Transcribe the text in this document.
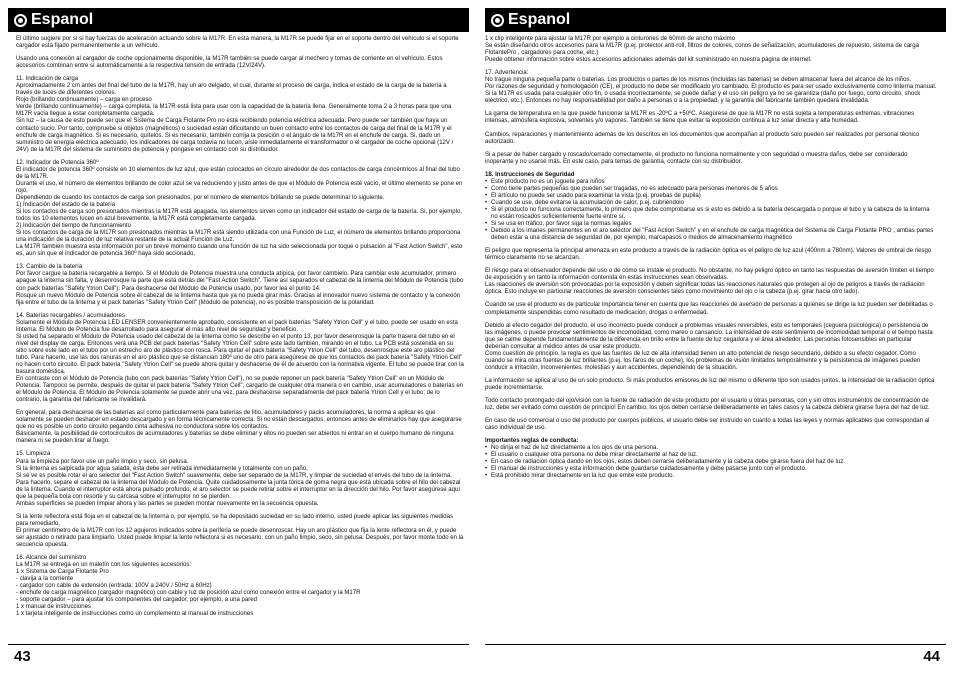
Espanol

El último sugiere por sí si hay fuerzas de aceleración actuando sobre la M17R. En esta manera, la M17R se puede fijar en el soporte dentro del vehículo si el soporte cargador está fijado permanentemente a un vehículo.

Usando una conexión al cargador de coche opcionalmente disponible, la M17R también se puede cargar al mechero y tomas de corriente en el vehículo. Estos accesorios combinan entre sí automáticamente a la respectiva tensión de entrada (12V/24V).

11. Indicación de carga
Aproximadamente 2 cm antes del final del tubo de la M17R, hay un aro delgado, el cual, durante el proceso de carga, indica el estado de la carga de la batería a través de luces de diferentes colores.
Rojo (brillando continuamente) – carga en proceso
Verde (brillando continuamente) – carga completa, la M17R está lista para usar con la capacidad de la batería llena. Generalmente toma 2 a 3 horas para que una M17R vacía llegue a estar completamente cargada.
Sin luz – la causa de esto puede ser que el Sistema de Carga Flotante Pro no está recibiendo potencia eléctrica adecuada. Pero puede ser también que haya un contacto sucio. Por tanto, compruebe si objetos (magnéticos) o suciedad están dificultando un buen contacto entre los contactos de carga del final de la M17R y el enchufe de carga magnético. Si es necesario, quítelos. Si es necesario, también corrija la posición o el ángulo de la M17R en el enchufe de carga. Si, dado un suministro de energía eléctrica adecuado, los indicadores de carga todavía no lucen, aísle inmediatamente el transformador o el cargador de coche opcional (12V / 24V) de la M17R del sistema de suministro de potencia y póngase en contacto con su distribuidor.

12. Indicador de Potencia 360º
El indicador de potencia 360º consiste en 10 elementos de luz azul, que están colocados en círculo alrededor de dos contactos de carga concéntricos al final del tubo de la M17R.
Durante el uso, el número de elementos brillando de color azul se va reduciendo y justo antes de que el Módulo de Potencia esté vacío, el último elemento se pone en rojo.
Dependiendo de cuando los contactos de carga son presionados, por el número de elementos brillando se puede determinar lo siguiente.
1) Indicación del estado de la batería
Si los contactos de carga son presionados mientras la M17R está apagada, los elementos sirven como un indicador del estado de carga de la batería. Si, por ejemplo, todos los 10 elementos lucen en azul brevemente, la M17R está completamente cargada.
2) Indicación del tiempo de funcionamiento
Si los contactos de carga de la M17R son presionados mientras la M17R está siendo utilizada con una Función de Luz, el número de elementos brillando proporciona una indicación de la duración de luz relativa restante de la actual Función de Luz.
La M17R también muestra esta información por un breve momento cuando una función de luz ha sido seleccionada por toque o pulsación al "Fast Action Switch", esto es, aun sin que el indicador de potencia 360º haya sido accionado.

13. Cambio de la batería
Por favor cargue la batería recargable a tiempo. Si el Módulo de Potencia muestra una conducta atípica, por favor cámbielo. Para cambiar este acumulador, primero apague la linterna sin falta, y desenrosque la parte que está detrás del "Fast Action Switch". Tiene así separados el cabezal de la linterna del Módulo de Potencia (tubo con pack baterías "Safety Ytrion Cell"). Para deshacerse del Módulo de Potencia usado, por favor lea el punto 14.
Rosque un nuevo Módulo de Potencia sobre el cabezal de la linterna hasta que ya no pueda girar más. Gracias al innovador nuevo sistema de contacto y la conexión fija entre el tubo de la linterna y el pack baterías "Safety Ytrion Cell" (Módulo de potencia), no es posible transposición de la polaridad.

14. Baterías recargables / acumuladores
Solamente el Módulo de Potencia LED LENSER convenientemente aprobado, consistente en el pack baterías "Safety Ytrion Cell" y el tubo, puede ser usado en esta linterna. El Módulo de Potencia fue desarrollado para asegurar el más alto nivel de seguridad y beneficio.
Si usted ha separado el Módulo de Potencia usado del cabezal de la linterna como se describe en el punto 13, por favor desenrosque la parte trasera del tubo en el nivel del display de carga. Entonces verá una PCB del pack baterías "Safety Ytrion Cell" sobre este lado también, mirando en el tubo. La PCB está sostenida en su sitio sobre este lado en el tubo por un estrecho aro de plástico con rosca. Para quitar el pack batería "Safety Ytrion Cell" del tubo, desenrosque este aro plástico del tubo. Para hacerlo, use las dos ranuras en el aro plástico que se distancian 180º uno de otro para asegúrese de que los contactos del pack batería "Safety Ytrion Cell" no hacen corto circuito. El pack batería "Safety Ytrion Cell" se puede ahora quitar y deshacerse de él de acuerdo con la normativa vigente. El tubo se puede tirar con la basura doméstica.
En contraste con el Módulo de Potencia (tubo con pack baterías "Safety Ytrion Cell"), no se puede reponer un pack batería "Safety Ytrion Cell" en un Módulo de Potencia. Tampoco se permite, después de quitar el pack batería "Safety Ytrion Cell", cargarlo de cualquier otra manera o en cambio, usar acumuladores o baterías en el Módulo de Potencia. El Módulo de Potencia solamente se puede abrir una vez, para deshacerse separadamente del pack batería Ytrion Cell y el tubo; de lo contrario, la garantía del fabricante se invalidará.

En general, para deshacerse de las baterías así como particularmente para baterías de litio, acumuladores y packs acumuladores, la norma a aplicar es que solamente se pueden deshacer en estado descargado y en forma técnicamente correcta. Si no están descargados, entonces antes de eliminarlos hay que asegurarse que no es posible un corto circuito pegando cinta adhesiva no conductora sobre los contactos.
Básicamente, la posibilidad de cortocircuitos de acumuladores y baterías se debe eliminar y ellos no pueden ser abiertos ni entrar en el cuerpo humano de ninguna manera ni se pueden tirar al fuego.

15. Limpieza
Para la limpieza por favor use un paño limpio y seco, sin pelusa.
Si la linterna es salpicada por agua salada, ésta debe ser retirada inmediatamente y totalmente con un paño.
Si se ve es posible rotar el aro selector del "Fast Action Switch" suavemente, debe ser separado de la M17R, y limpiar de suciedad el envés del tubo de la linterna. Para hacerlo, separe el cabezal de la linterna del Módulo de Potencia. Quite cuidadosamente la junta tórica de goma negra que está ubicada sobre el hilo del cabezal de la linterna. Cuando el interruptor está ahora pulsado profundo, el aro selector se puede retirar sobre el interruptor en la dirección del hilo. Por favor asegúrese aquí que la pequeña bola con resorte y su carcasa sobre el interruptor no se pierden.
Ambas superficies se pueden limpiar ahora y las partes se pueden montar nuevamente en la secuencia opuesta.

Si la lente reflectora está floja en el cabezal de la linterna o, por ejemplo, se ha depositado suciedad en su lado interno, usted puede aplicar las siguientes medidas para remediarlo.
El primer centímetro de la M17R con los 12 agujeros indicados sobre la periferia se puede desenroscar. Hay un aro plástico que fija la lente reflectora en él, y puede ser ajustado o retirado para limpiarlo. Usted puede limpiar la lente reflectora si es necesario, con un paño limpio, seco, sin pelusa. Después, por favor monte todo en la secuencia opuesta.

16. Alcance del suministro
La M17R se entrega en un maletín con los siguientes accesorios:
1 x Sistema de Carga Flotante Pro
- clavija a la corriente
- cargador con cable de extensión (entrada: 100V a 240V / 50Hz a 60Hz)
- enchufe de carga magnético (cargador magnético) con cable y luz de posición azul como conexión entre el cargador y la M17R
- soporte cargador – para ajustar los componentes del cargador, por ejemplo, a una pared
1 x manual de instrucciones
1 x tarjeta inteligente de instrucciones como un complemento al manual de instrucciones

43
Espanol

1 x clip inteligente para ajustar la M17R por ejemplo a cinturones de 60mm de ancho máximo
Se están diseñando otros accesorios para la M17R (p.ej. protector anti-roll, filtros de colores, conos de señalización, acumuladores de repuesto, sistema de carga FlotantePro , cargadores para coche, etc.)
Puede obtener información sobre estos accesorios adicionales además del kit suministrado en nuestra página de internet.

17. Advertencia:
No trague ninguna pequeña parte o baterías. Los productos o partes de los mismos (incluidas las baterías) se deben almacenar fuera del alcance de los niños.
Por razones de seguridad y homologación (CE), el producto no debe ser modificado y/o cambiado. El producto es para ser usado exclusivamente como linterna manual. Si la M17R es usada para cualquier otro fin, o usada incorrectamente, se puede dañar y el uso sin peligro ya no se garantiza (daño por fuego, corto circuito, shock eléctrico, etc.). Entonces no hay responsabilidad por daño a personas o a la propiedad, y la garantía del fabricante también quedará invalidada.

La gama de temperatura en la que puede funcionar la M17R es -20ºC a +50ºC. Asegúrese de que la M17R no está sujeta a temperaturas extremas, vibraciones intensas, atmósfera explosiva, solventes y/o vapores. También se tiene que evitar la exposición continua a luz solar directa y alta humedad.

Cambios, reparaciones y mantenimiento además de los descritos en los documentos que acompañan al producto solo pueden ser realizados por personal técnico autorizado.

Si a pesar de haber cargado y roscado/cerrado correctamente, el producto no funciona normalmente y con seguridad o muestra daños, debe ser considerado inoperante y no usarse más. En este caso, para temas de garantía, contacte con su distribuidor.

18. Instrucciones de Seguridad
• Este producto no es un juguete para niños
• Como tiene partes pequeñas que pueden ser tragadas, no es adecuado para personas menores de 5 años
• El artículo no puede ser usado para examinar la vista (p.ej. pruebas de pupila)
• Cuando se use, debe evitarse la acumulación de calor, p.ej. cubriéndolo
• Si el producto no funciona correctamente, lo primero que debe comprobarse es si esto es debido a la batería descargada o porque el tubo y la cabeza de la linterna no están roscados suficientemente fuerte entre sí.
• Si se usa en tráfico, por favor siga la normas legales
• Debido a los imanes permanentes en el aro selector del "Fast Action Switch" y en el enchufe de carga magnética del Sistema de Carga Flotante PRO , ambas partes deben estar a una distancia de seguridad de, por ejemplo, marcapasos o medios de almacenamiento magnético

El peligro que representa la principal amenaza en este producto a través de la radiación óptica es el peligro de luz azul (400nm a 780nm). Valores de umbral de riesgo térmico claramente no se alcanzan.

El riesgo para el observador depende del uso o de cómo se instale el producto. No obstante, no hay peligro óptico en tanto las respuestas de aversión límiten el tiempo de exposición y en tanto la información contenida en estas instrucciones sean observadas.
Las reacciones de aversión son provocadas por la exposición y deben significar todas las reacciones naturales que protegen al ojo de peligros a través de radiación óptica. Esto incluye en particular reacciones de aversión conscientes tales como movimiento del ojo o la cabeza (p.ej. girar hacia otro lado).

Cuando se use el producto es de particular importancia tener en cuenta que las reacciones de aversión de personas a quienes se dirige la luz pueden ser debilitadas o completamente suspendidas como resultado de medicación, drogas o enfermedad.

Debido al efecto cegador del producto, el uso incorrecto puede conducir a problemas visuales reversibles, esto es temporales (ceguera psicológica) o persistencia de las imágenes, o puede provocar sentimientos de incomodidad, como mareo o cansancio. La intensidad de este sentimiento de incomodidad temporal o el tiempo hasta que se calme depende fundamentalmente de la diferencia en brillo entre la fuente de luz cegadora y el área alrededor. Las personas fotosensibles en particular deberían consultar al médico antes de usar este producto.
Como cuestión de principio, la regla es que las fuentes de luz de alta intensidad tienen un alto potencial de riesgo secundario, debido a su efecto cegador. Como cuando se mira otras fuentes de luz brillantes (p.ej. los faros de un coche), los problemas de visión limitados temporalmente y la persistencia de imágenes pueden conducir a irritación, inconvenientes, molestias y aun accidentes, dependiendo de la situación.

La información se aplica al uso de un solo producto. Si más productos emisores de luz del mismo o diferente tipo son usados juntos, la intensidad de la radiación óptica puede incrementarse.

Todo contacto prolongado del ojo/visión con la fuente de radiación de este producto por el usuario u otras personas, con y sin otros instrumentos de concentración de luz, debe ser evitado como cuestión de principio! En cambio, los ojos deben cerrarse deliberadamente en tales casos y la cabeza debiera girarse fuera del haz de luz.

En caso de uso comercial o uso del producto por cuerpos públicos, el usuario debe ser instruido en cuanto a todas las leyes y normas aplicables que correspondan al caso individual de uso.

Importantes reglas de conducta:
• No dirija el haz de luz directamente a los ojos de una persona.
• El usuario o cualquier otra persona no debe mirar directamente al haz de luz.
• En caso de radiación óptica dando en los ojos, estos deben cerrarse deliberadamente y la cabeza debe girarse fuera del haz de luz.
• El manual de instrucciones y esta información debe guardarse cuidadosamente y debe pasarse junto con el producto.
• Está prohibido mirar directamente en la luz que emite este producto.
44
